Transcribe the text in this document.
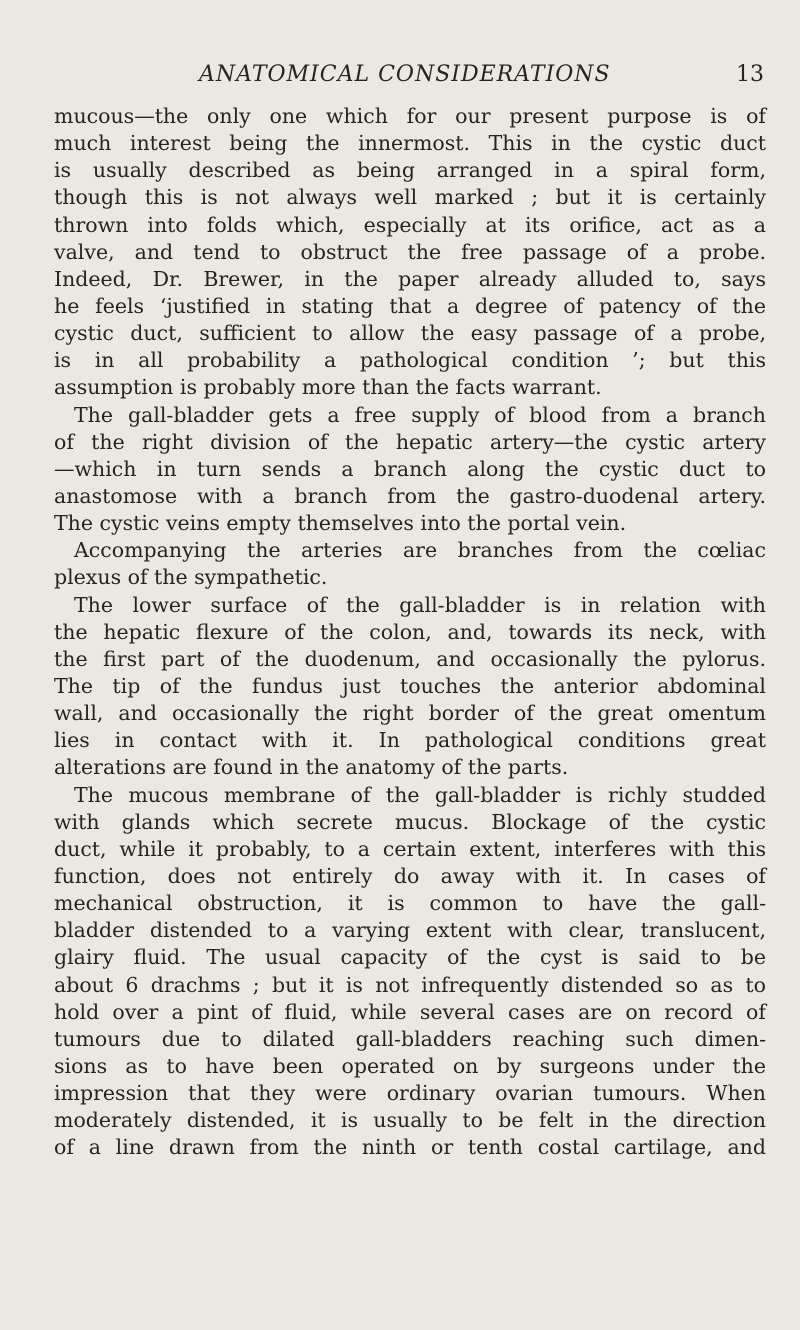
ANATOMICAL CONSIDERATIONS	13
mucous—the only one which for our present purpose is of
much interest being the innermost. This in the cystic duct
is usually described as being arranged in a spiral form,
though this is not always well marked ; but it is certainly
thrown into folds which, especially at its orifice, act as a
valve, and tend to obstruct the free passage of a probe.
Indeed, Dr. Brewer, in the paper already alluded to, says
he feels ‘justified in stating that a degree of patency of the
cystic duct, sufficient to allow the easy passage of a probe,
is in all probability a pathological condition ’; but this
assumption is probably more than the facts warrant.
The gall-bladder gets a free supply of blood from a branch
of the right division of the hepatic artery—the cystic artery
—which in turn sends a branch along the cystic duct to
anastomose with a branch from the gastro-duodenal artery.
The cystic veins empty themselves into the portal vein.
Accompanying the arteries are branches from the cœliac
plexus of the sympathetic.
The lower surface of the gall-bladder is in relation with
the hepatic flexure of the colon, and, towards its neck, with
the first part of the duodenum, and occasionally the pylorus.
The tip of the fundus just touches the anterior abdominal
wall, and occasionally the right border of the great omentum
lies in contact with it. In pathological conditions great
alterations are found in the anatomy of the parts.
The mucous membrane of the gall-bladder is richly studded
with glands which secrete mucus. Blockage of the cystic
duct, while it probably, to a certain extent, interferes with this
function, does not entirely do away with it. In cases of
mechanical obstruction, it is common to have the gall-
bladder distended to a varying extent with clear, translucent,
glairy fluid. The usual capacity of the cyst is said to be
about 6 drachms ; but it is not infrequently distended so as to
hold over a pint of fluid, while several cases are on record of
tumours due to dilated gall-bladders reaching such dimen-
sions as to have been operated on by surgeons under the
impression that they were ordinary ovarian tumours. When
moderately distended, it is usually to be felt in the direction
of a line drawn from the ninth or tenth costal cartilage, and
